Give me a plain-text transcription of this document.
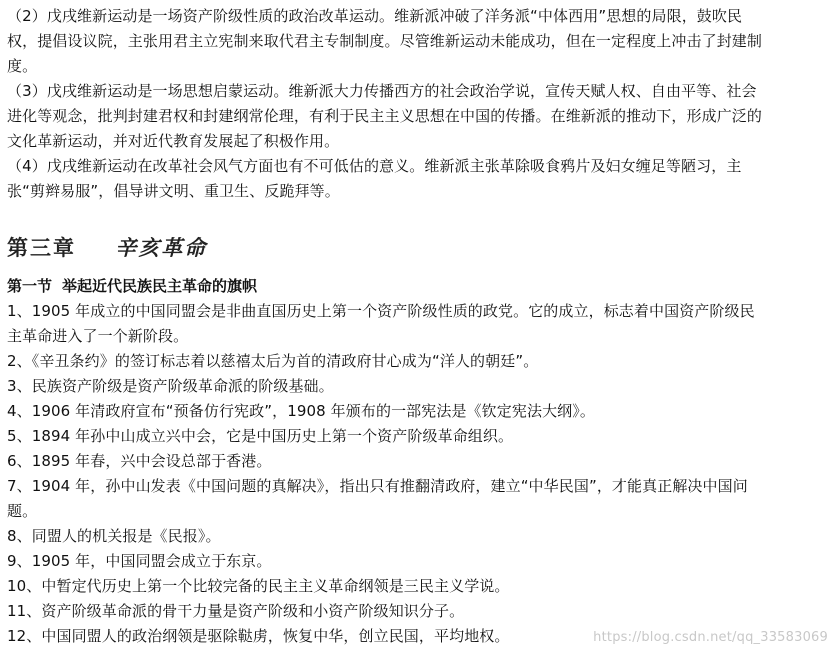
（2）戊戌维新运动是一场资产阶级性质的政治改革运动。维新派冲破了洋务派“中体西用”思想的局限，鼓吹民权，提倡设议院，主张用君主立宪制来取代君主专制制度。尽管维新运动未能成功，但在一定程度上冲击了封建制度。

（3）戊戌维新运动是一场思想启蒙运动。维新派大力传播西方的社会政治学说，宣传天赋人权、自由平等、社会进化等观念，批判封建君权和封建纲常伦理，有利于民主主义思想在中国的传播。在维新派的推动下，形成广泛的文化革新运动，并对近代教育发展起了积极作用。

（4）戊戌维新运动在改革社会风气方面也有不可低估的意义。维新派主张革除吸食鸦片及妇女缠足等陋习，主张“剪辫易服”，倡导讲文明、重卫生、反跪拜等。

第三章 辛亥革命

第一节 举起近代民族民主革命的旗帜

1、1905 年成立的中国同盟会是非曲直国历史上第一个资产阶级性质的政党。它的成立，标志着中国资产阶级民主革命进入了一个新阶段。

2、《辛丑条约》的签订标志着以慈禧太后为首的清政府甘心成为“洋人的朝廷”。

3、民族资产阶级是资产阶级革命派的阶级基础。

4、1906 年清政府宣布“预备仿行宪政”，1908 年颁布的一部宪法是《钦定宪法大纲》。

5、1894 年孙中山成立兴中会，它是中国历史上第一个资产阶级革命组织。

6、1895 年春，兴中会设总部于香港。

7、1904 年，孙中山发表《中国问题的真解决》，指出只有推翻清政府，建立“中华民国”，才能真正解决中国问题。

8、同盟人的机关报是《民报》。

9、1905 年，中国同盟会成立于东京。

10、中暂定代历史上第一个比较完备的民主主义革命纲领是三民主义学说。

11、资产阶级革命派的骨干力量是资产阶级和小资产阶级知识分子。

12、中国同盟人的政治纲领是驱除鞑虏，恢复中华，创立民国，平均地权。	https://blog.csdn.net/qq_33583069
